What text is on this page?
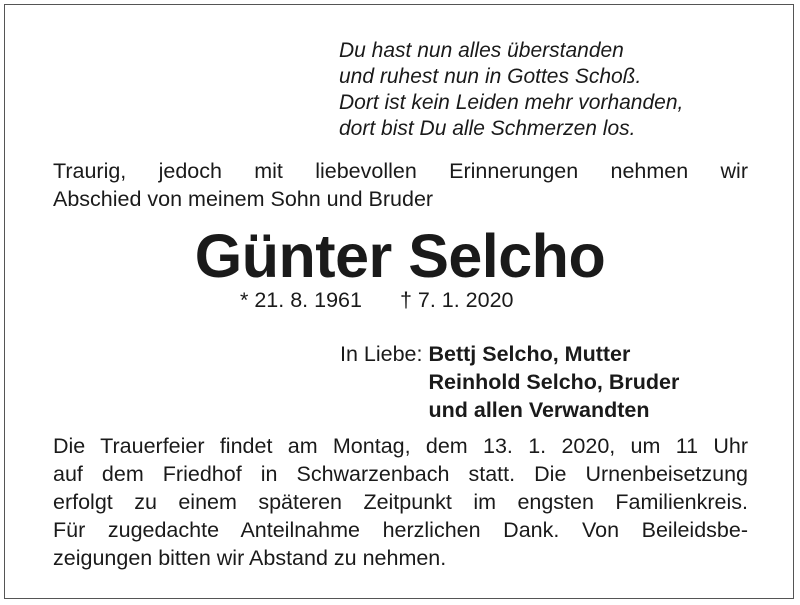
Du hast nun alles überstanden
und ruhest nun in Gottes Schoß.
Dort ist kein Leiden mehr vorhanden,
dort bist Du alle Schmerzen los.
Traurig, jedoch mit liebevollen Erinnerungen nehmen wir
Abschied von meinem Sohn und Bruder
Günter Selcho
* 21. 8. 1961 † 7. 1. 2020
In Liebe: Bettj Selcho, Mutter
Reinhold Selcho, Bruder
und allen Verwandten
Die Trauerfeier findet am Montag, dem 13. 1. 2020, um 11 Uhr
auf dem Friedhof in Schwarzenbach statt. Die Urnenbeisetzung
erfolgt zu einem späteren Zeitpunkt im engsten Familienkreis.
Für zugedachte Anteilnahme herzlichen Dank. Von Beileidsbe-
zeigungen bitten wir Abstand zu nehmen.
